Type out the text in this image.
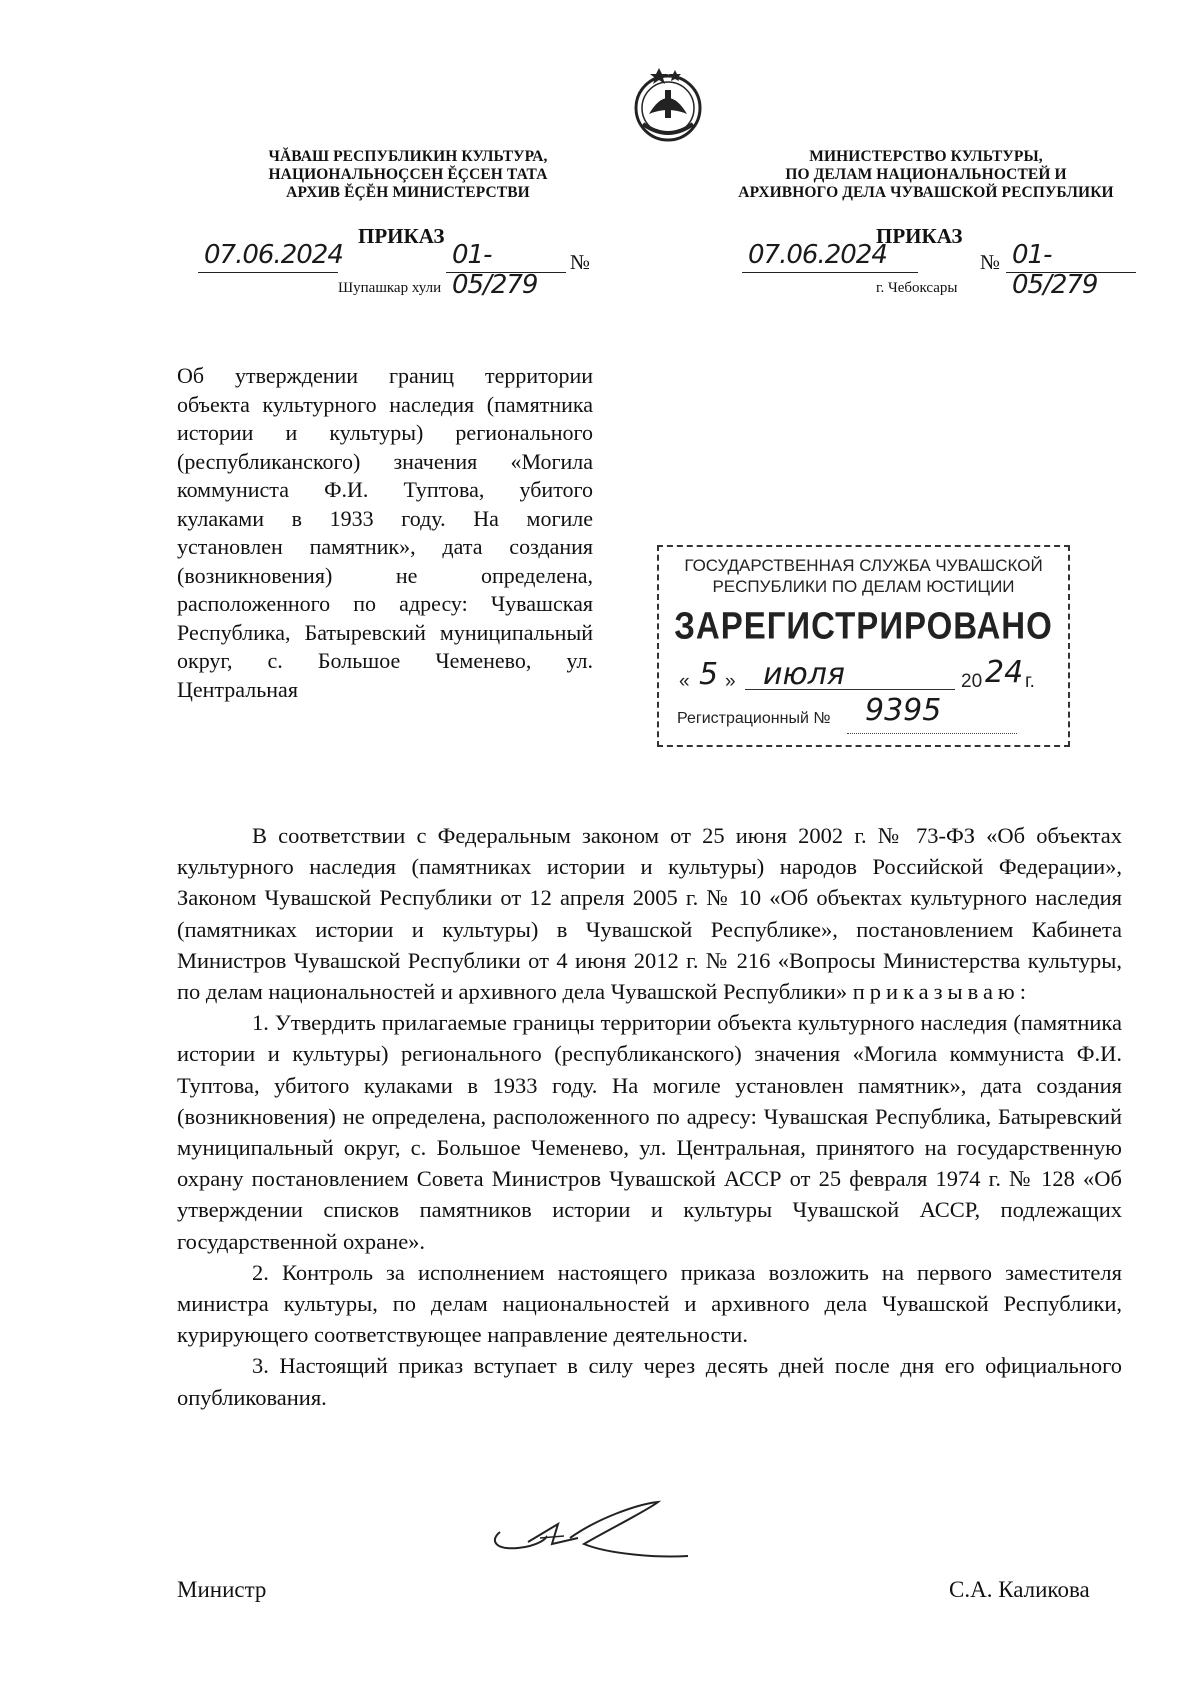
ЧĂВАШ РЕСПУБЛИКИН КУЛЬТУРА,
НАЦИОНАЛЬНОÇСЕН ĔÇСЕН ТАТА
АРХИВ ĔÇĔН МИНИСТЕРСТВИ
МИНИСТЕРСТВО КУЛЬТУРЫ,
ПО ДЕЛАМ НАЦИОНАЛЬНОСТЕЙ И
АРХИВНОГО ДЕЛА ЧУВАШСКОЙ РЕСПУБЛИКИ
ПРИКАЗ	ПРИКАЗ
07.06.2024	01-05/279
№	07.06.2024	№ 01-05/279
Шупашкар хули	г. Чебоксары
Об утверждении границ территории объекта культурного наследия (памятника истории и культуры) регионального (республиканского) значения «Могила коммуниста Ф.И. Туптова, убитого кулаками в 1933 году. На могиле установлен памятник», дата создания (возникновения) не определена, расположенного по адресу: Чувашская Республика, Батыревский муниципальный округ, с. Большое Чеменево, ул. Центральная
ГОСУДАРСТВЕННАЯ СЛУЖБА ЧУВАШСКОЙ
РЕСПУБЛИКИ ПО ДЕЛАМ ЮСТИЦИИ
ЗАРЕГИСТРИРОВАНО
« 5 » июля	20 24 г.
Регистрационный № 9395

В соответствии с Федеральным законом от 25 июня 2002 г. № 73-ФЗ «Об объектах культурного наследия (памятниках истории и культуры) народов Российской Федерации», Законом Чувашской Республики от 12 апреля 2005 г. № 10 «Об объектах культурного наследия (памятниках истории и культуры) в Чувашской Республике», постановлением Кабинета Министров Чувашской Республики от 4 июня 2012 г. № 216 «Вопросы Министерства культуры, по делам национальностей и архивного дела Чувашской Республики» приказываю:

1. Утвердить прилагаемые границы территории объекта культурного наследия (памятника истории и культуры) регионального (республиканского) значения «Могила коммуниста Ф.И. Туптова, убитого кулаками в 1933 году. На могиле установлен памятник», дата создания (возникновения) не определена, расположенного по адресу: Чувашская Республика, Батыревский муниципальный округ, с. Большое Чеменево, ул. Центральная, принятого на государственную охрану постановлением Совета Министров Чувашской АССР от 25 февраля 1974 г. № 128 «Об утверждении списков памятников истории и культуры Чувашской АССР, подлежащих государственной охране».

2. Контроль за исполнением настоящего приказа возложить на первого заместителя министра культуры, по делам национальностей и архивного дела Чувашской Республики, курирующего соответствующее направление деятельности.

3. Настоящий приказ вступает в силу через десять дней после дня его официального опубликования.

Министр	С.А. Каликова
